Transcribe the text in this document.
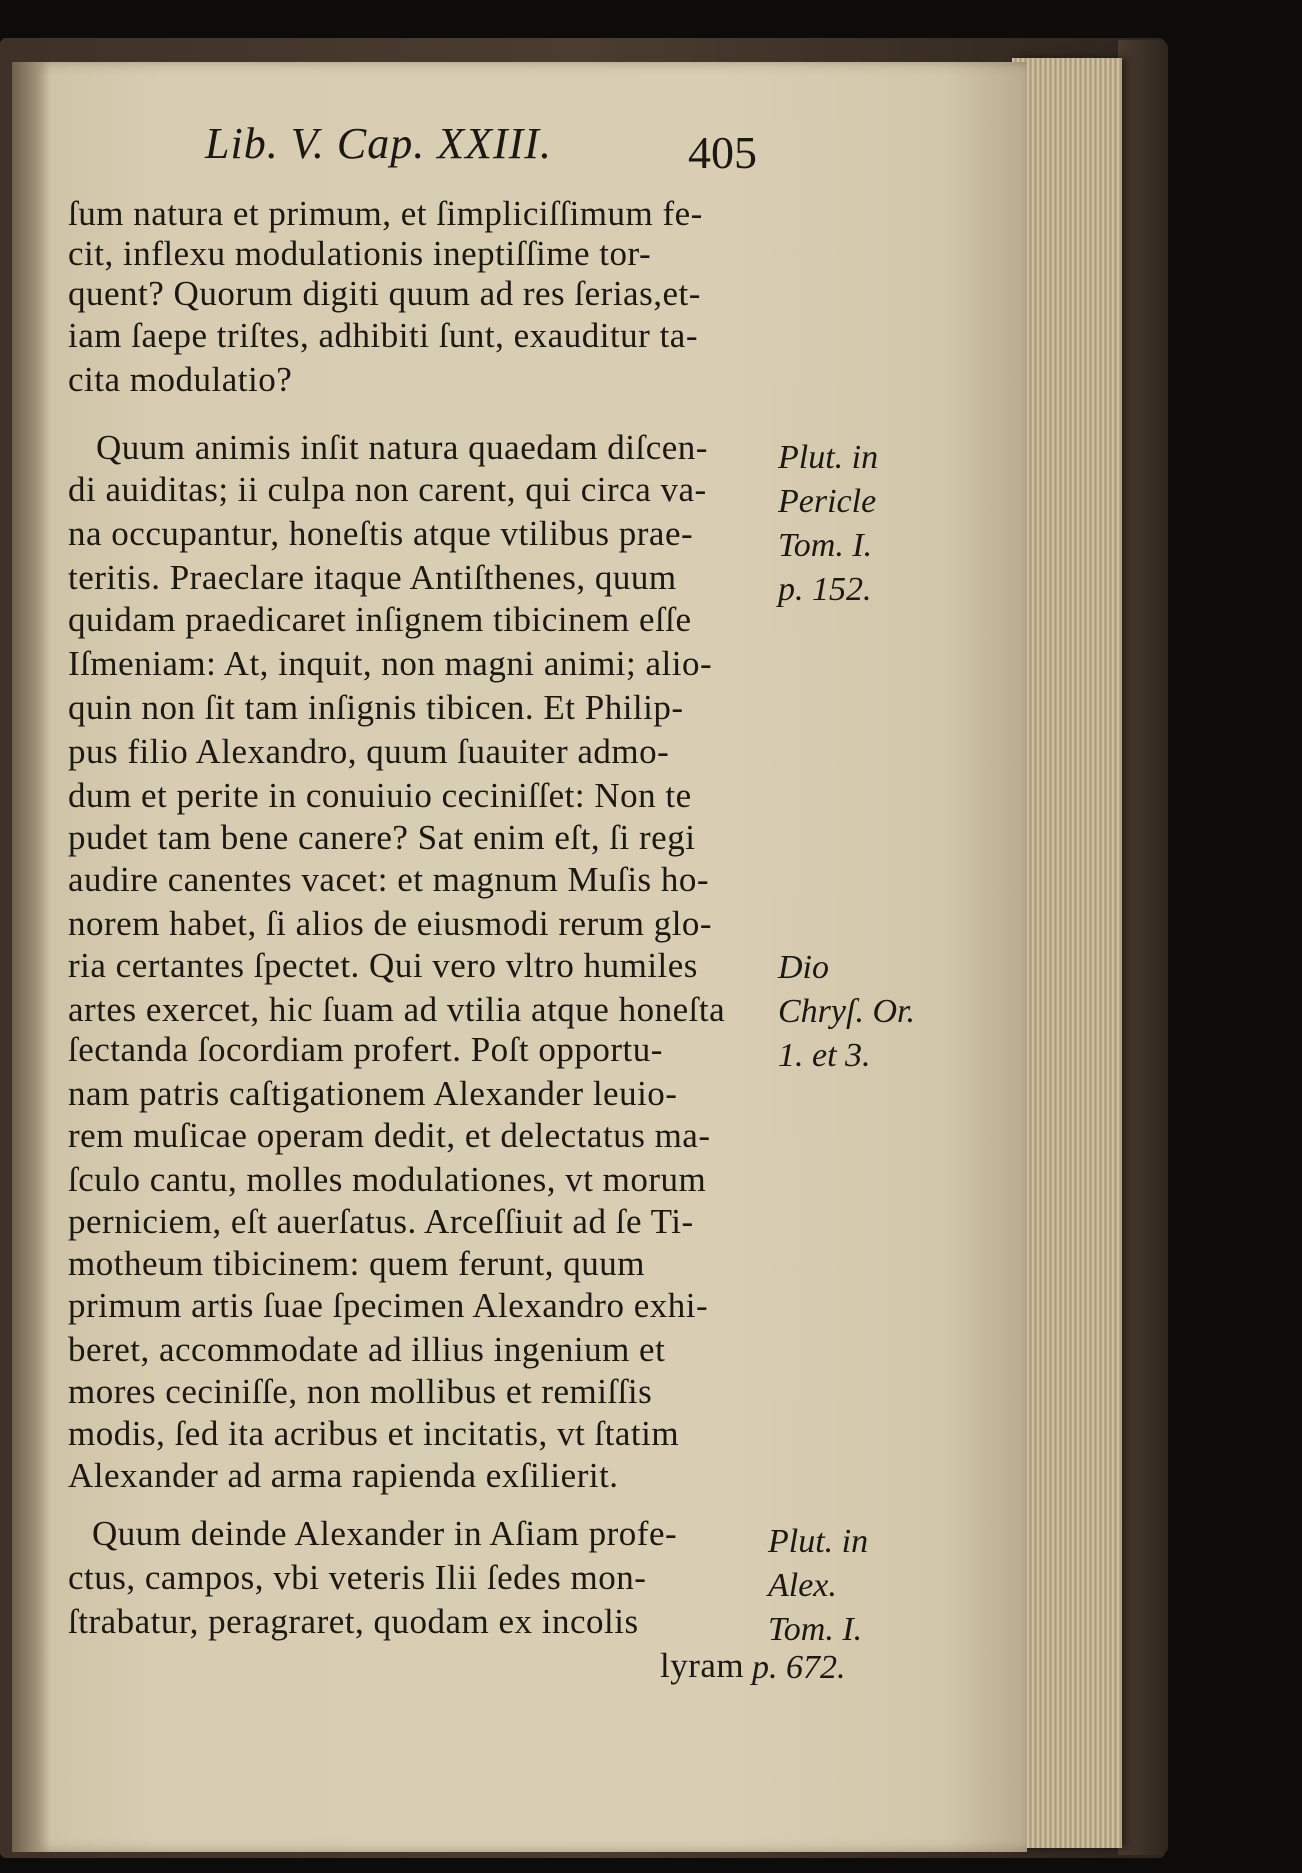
Lib. V. Cap. XXIII.	405
ſum natura et primum, et ſimpliciſſimum fe-
cit, inflexu modulationis ineptiſſime tor-
quent? Quorum digiti quum ad res ſerias,et-
iam ſaepe triſtes, adhibiti ſunt, exauditur ta-
cita modulatio?
Quum animis inſit natura quaedam diſcen-
di auiditas; ii culpa non carent, qui circa va-
na occupantur, honeſtis atque vtilibus prae-
teritis. Praeclare itaque Antiſthenes, quum
quidam praedicaret inſignem tibicinem eſſe
Iſmeniam: At, inquit, non magni animi; alio-
quin non ſit tam inſignis tibicen. Et Philip-
pus filio Alexandro, quum ſuauiter admo-
dum et perite in conuiuio ceciniſſet: Non te
pudet tam bene canere? Sat enim eſt, ſi regi
audire canentes vacet: et magnum Muſis ho-
norem habet, ſi alios de eiusmodi rerum glo-
ria certantes ſpectet. Qui vero vltro humiles
artes exercet, hic ſuam ad vtilia atque honeſta
ſectanda ſocordiam profert. Poſt opportu-
nam patris caſtigationem Alexander leuio-
rem muſicae operam dedit, et delectatus ma-
ſculo cantu, molles modulationes, vt morum
perniciem, eſt auerſatus. Arceſſiuit ad ſe Ti-
motheum tibicinem: quem ferunt, quum
primum artis ſuae ſpecimen Alexandro exhi-
beret, accommodate ad illius ingenium et
mores ceciniſſe, non mollibus et remiſſis
modis, ſed ita acribus et incitatis, vt ſtatim
Alexander ad arma rapienda exſilierit.
Quum deinde Alexander in Aſiam profe-
ctus, campos, vbi veteris Ilii ſedes mon-
ſtrabatur, peragraret, quodam ex incolis
lyram
Plut. in
Pericle
Tom. I.
p. 152.
Dio
Chryſ. Or.
1. et 3.
Plut. in
Alex.
Tom. I.
p. 672.
